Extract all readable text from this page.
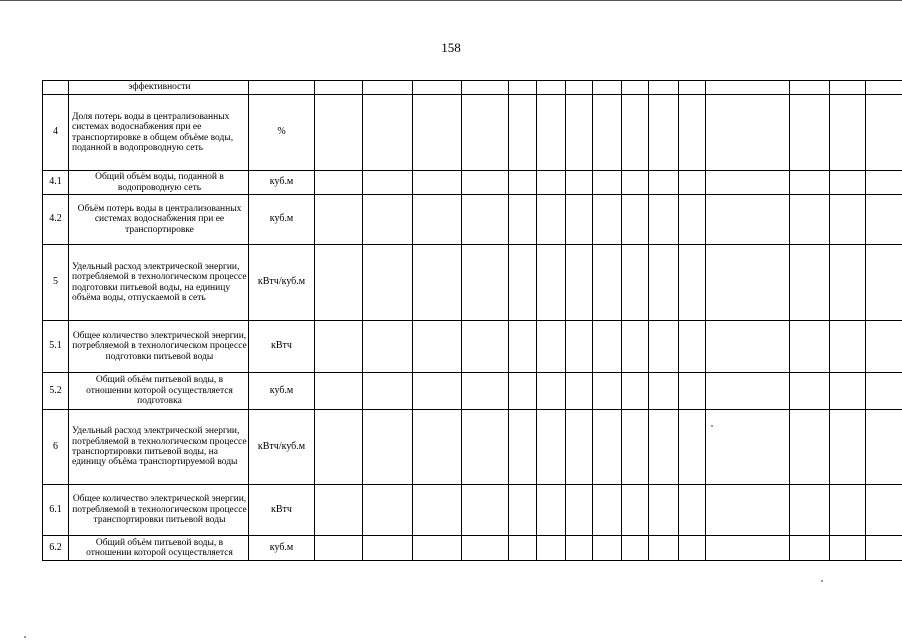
158
	эффективности																
4	Доля потерь воды в централизованных системах водоснабжения при ее транспортировке в общем объёме воды, поданной в водопроводную сеть	%															
4.1	Общий объём воды, поданной в водопроводную сеть	куб.м															
4.2	Объём потерь воды в централизованных системах водоснабжения при ее транспортировке	куб.м															
5	Удельный расход электрической энергии, потребляемой в технологическом процессе подготовки питьевой воды, на единицу объёма воды, отпускаемой в сеть	кВтч/куб.м															
5.1	Общее количество электрической энергии, потребляемой в технологическом процессе подготовки питьевой воды	кВтч															
5.2	Общий объём питьевой воды, в отношении которой осуществляется подготовка	куб.м															
6	Удельный расход электрической энергии, потребляемой в технологическом процессе транспортировки питьевой воды, на единицу объёма транспортируемой воды	кВтч/куб.м															
6.1	Общее количество электрической энергии, потребляемой в технологическом процессе транспортировки питьевой воды	кВтч															
6.2	Общий объём питьевой воды, в отношении которой осуществляется	куб.м															
